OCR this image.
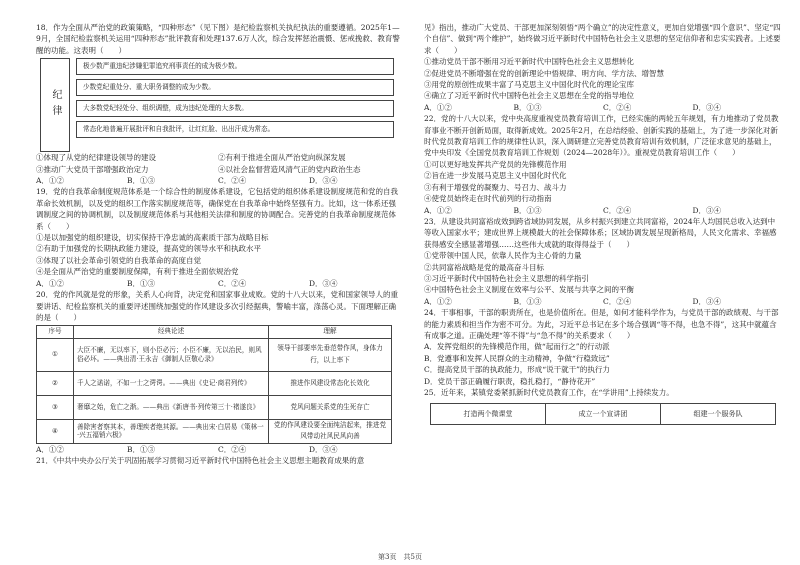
18．作为全面从严治党的政策策略，“四种形态”（见下图）是纪检监察机关执纪执法的重要遵循。2025年1—9月，全国纪检监察机关运用“四种形态”批评教育和处理137.6万人次，综合发挥惩治震慑、惩戒挽救、教育警醒的功能。这表明（　　）

纪律
极少数严重违纪涉嫌犯罪追究刑事责任的成为极少数。
少数党纪重处分、重大职务调整的成为少数。
大多数党纪轻处分、组织调整，成为违纪处理的大多数。
常态化地普遍开展批评和自我批评，让红红脸、出出汗成为常态。
①体现了从党的纪律建设领导的建设	②有利于推进全面从严治党向纵深发展
③推动广大党员干部增强政治定力	④以社会监督营造风清气正的党内政治生态
A．①②	B．①③	C．②④	D．③④

19．党的自我革命制度规范体系是一个综合性的制度体系建设，它包括党的组织体系建设制度规范和党的自我革命长效机制，以及党的组织工作落实制度规范等，确保党在自我革命中始终坚强有力。比如，这一体系还强调制度之间的协调机制，以及制度规范体系与其他相关法律和制度的协调配合。完善党的自我革命制度规范体系（　　）

①是以加强党的组织建设，切实保持干净忠诚的高素质干部为战略目标

②有助于加强党的长期执政能力建设，提高党的领导水平和执政水平

③体现了以社会革命引领党的自我革命的高度自觉

④是全面从严治党的重要制度保障，有利于推进全面依规治党

A．①②	B．①③	C．②④	D．③④

20．党的作风就是党的形象，关系人心向背，决定党和国家事业成败。党的十八大以来，党和国家领导人的重要讲话、纪检监察机关的重要评述围绕加强党的作风建设多次引经据典，警喻丰富，涤荡心灵。下面理解正确的是（　　）

序号	经典论述	理解
①	大臣不廉，无以率下，则小臣必污；小臣不廉，无以治民，则风俗必坏。——典出清·王永吉《御制人臣敬心录》	领导干部要率先垂范带作风，身体力行，以上率下
②	千人之诺诺，不如一士之谔谔。——典出《史记·商君列传》	推进作风建设常态化长效化
③	奢靡之始，危亡之渐。——典出《新唐书·列传第三十·褚遂良》	党风问题关系党的生死存亡
④	善除害者察其本，善理疾者绝其源。——典出宋·白居易《策林一·兴五福销六极》	党的作风建设要全面纯洁起来，推进党风带动社风民风向善
A．①②	B．①③	C．②④	D．③④

21．《中共中央办公厅关于巩固拓展学习贯彻习近平新时代中国特色社会主义思想主题教育成果的意

见》指出，推动广大党员、干部更加深刻领悟“两个确立”的决定性意义，更加自觉增强“四个意识”、坚定“四个自信”、做到“两个维护”，始终做习近平新时代中国特色社会主义思想的坚定信仰者和忠实实践者。上述要求（　　）

①推动党员干部不断用习近平新时代中国特色社会主义思想转化

②促进党员不断增强在党的创新理论中悟规律、明方向、学方法、增智慧

③用党的原创性成果丰富了马克思主义中国化时代化的理论宝库

④确立了习近平新时代中国特色社会主义思想在全党的指导地位

A．①②	B．①③	C．②④	D．③④

22．党的十八大以来，党中央高度重视党员教育培训工作，已经实施的两轮五年规划，有力地推动了党员教育事业不断开创新局面，取得新成效。2025年2月，在总结经验、创新实践的基础上，为了进一步深化对新时代党员教育培训工作的规律性认识，深入调研建立完善党员教育培训有效机制，广泛征求意见的基础上，党中央印发《全国党员教育培训工作规划（2024—2028年）》。重视党员教育培训工作（　　）

①可以更好地发挥共产党员的先锋模范作用

②旨在进一步发展马克思主义中国化时代化

③有利于增强党的凝聚力、号召力、战斗力

④使党员始终走在时代前列的行动指南

A．①②	B．①③	C．②④	D．③④

23．从建设共同富裕成效到跨省域协同发展，从乡村振兴到建立共同富裕，2024年人均国民总收入达到中等收入国家水平；建成世界上规模最大的社会保障体系；区域协调发展呈现新格局，人民文化需求、幸福感获得感安全感显著增强……这些伟大成就的取得得益于（　　）

①党带领中国人民，依靠人民作为主心骨的力量

②共同富裕战略是党的最高奋斗目标

③习近平新时代中国特色社会主义思想的科学指引

④中国特色社会主义制度在效率与公平、发展与共享之间的平衡

A．①②	B．①③	C．②④	D．③④

24．干事相事，干部的职责所在，也是价值所在。但是，如何才能科学作为，与党员干部的政绩观、与干部的能力素质和担当作为密不可分。为此，习近平总书记在多个场合强调“等不得，也急不得”，这其中就蕴含有成事之道。正确处理“等不得”与“急不得”的关系要求（　　）

A．发挥党组织的先锋模范作用，做“起而行之”的行动派

B．党遵事和发挥人民群众的主动精神，争做“行稳致远”

C．提高党员干部的执政能力，形成“说干就干”的执行力

D．党员干部正确履行职责，稳扎稳打，“静待花开”

25．近年来，某镇党委紧抓新时代党员教育工作，在“学讲用”上持续发力。

打造两个微课堂	成立一个宣讲团	组建一个服务队
第3页　共5页
